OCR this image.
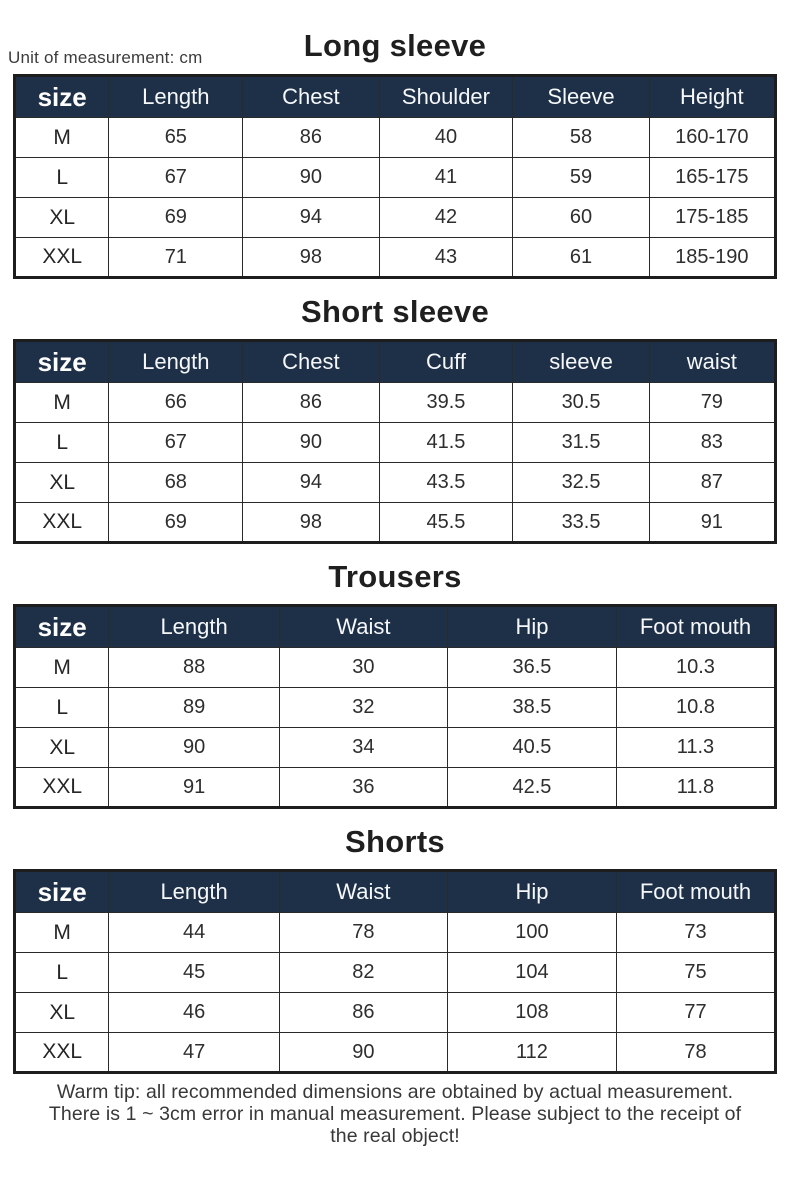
Unit of measurement: cm	Long sleeve
size	Length	Chest	Shoulder	Sleeve	Height
M	65	86	40	58	160-170
L	67	90	41	59	165-175
XL	69	94	42	60	175-185
XXL	71	98	43	61	185-190
Short sleeve
size	Length	Chest	Cuff	sleeve	waist
M	66	86	39.5	30.5	79
L	67	90	41.5	31.5	83
XL	68	94	43.5	32.5	87
XXL	69	98	45.5	33.5	91
Trousers
size	Length	Waist	Hip	Foot mouth
M	88	30	36.5	10.3
L	89	32	38.5	10.8
XL	90	34	40.5	11.3
XXL	91	36	42.5	11.8
Shorts
size	Length	Waist	Hip	Foot mouth
M	44	78	100	73
L	45	82	104	75
XL	46	86	108	77
XXL	47	90	112	78
Warm tip: all recommended dimensions are obtained by actual measurement.
There is 1 ~ 3cm error in manual measurement. Please subject to the receipt of
the real object!
